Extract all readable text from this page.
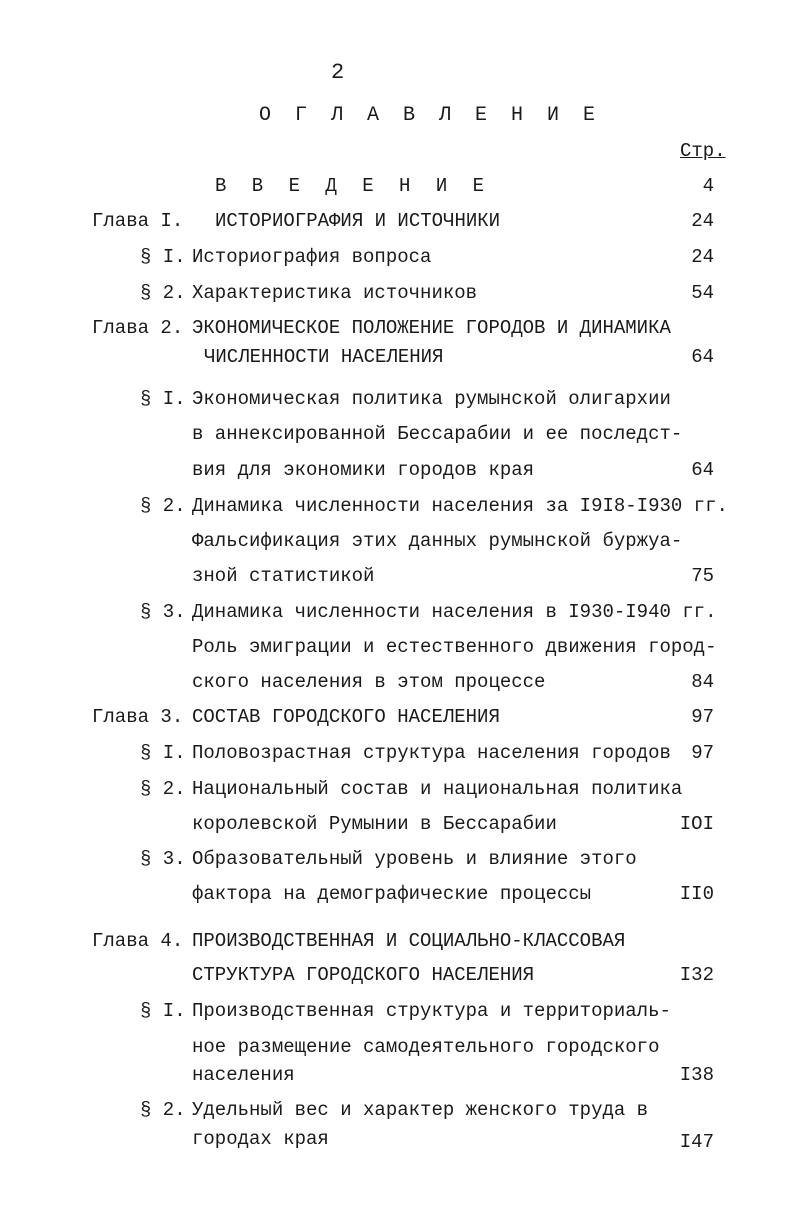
2
О Г Л А В Л Е Н И Е
Стр.
В В Е Д Е Н И Е	4
Глава I. ИСТОРИОГРАФИЯ И ИСТОЧНИКИ	24
§ I. Историография вопроса	24
§ 2. Характеристика источников	54
Глава 2. ЭКОНОМИЧЕСКОЕ ПОЛОЖЕНИЕ ГОРОДОВ И ДИНАМИКА
ЧИСЛЕННОСТИ НАСЕЛЕНИЯ	64
§ I. Экономическая политика румынской олигархии
в аннексированной Бессарабии и ее последст-
вия для экономики городов края	64
§ 2. Динамика численности населения за I9I8-I930 гг.
Фальсификация этих данных румынской буржуа-
зной статистикой	75
§ 3. Динамика численности населения в I930-I940 гг.
Роль эмиграции и естественного движения город-
ского населения в этом процессе	84
Глава 3. СОСТАВ ГОРОДСКОГО НАСЕЛЕНИЯ	97
§ I. Половозрастная структура населения городов	97
§ 2. Национальный состав и национальная политика
королевской Румынии в Бессарабии	IOI
§ 3. Образовательный уровень и влияние этого
фактора на демографические процессы	II0
Глава 4. ПРОИЗВОДСТВЕННАЯ И СОЦИАЛЬНО-КЛАССОВАЯ
СТРУКТУРА ГОРОДСКОГО НАСЕЛЕНИЯ	I32
§ I. Производственная структура и территориаль-
ное размещение самодеятельного городского
населения	I38
§ 2. Удельный вес и характер женского труда в
городах края	I47
